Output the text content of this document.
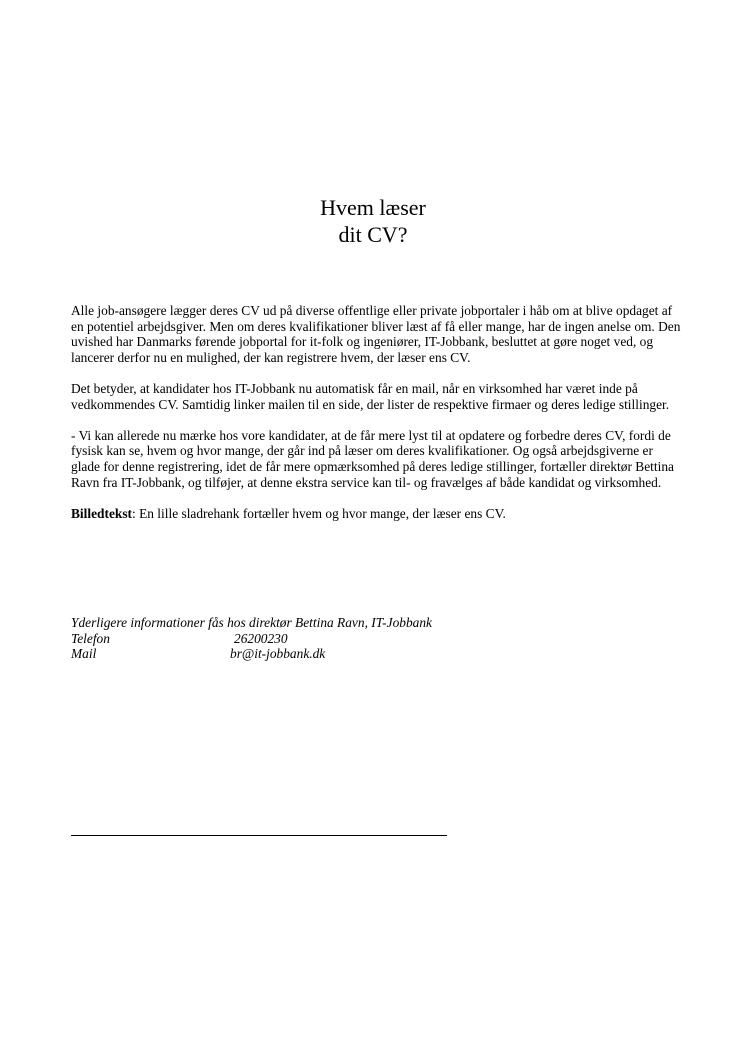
Hvem læser
dit CV?

Alle job-ansøgere lægger deres CV ud på diverse offentlige eller private jobportaler i håb om at blive opdaget af en potentiel arbejdsgiver. Men om deres kvalifikationer bliver læst af få eller mange, har de ingen anelse om. Den uvished har Danmarks førende jobportal for it-folk og ingeniører, IT-Jobbank, besluttet at gøre noget ved, og lancerer derfor nu en mulighed, der kan registrere hvem, der læser ens CV.

Det betyder, at kandidater hos IT-Jobbank nu automatisk får en mail, når en virksomhed har været inde på vedkommendes CV. Samtidig linker mailen til en side, der lister de respektive firmaer og deres ledige stillinger.

- Vi kan allerede nu mærke hos vore kandidater, at de får mere lyst til at opdatere og forbedre deres CV, fordi de fysisk kan se, hvem og hvor mange, der går ind på læser om deres kvalifikationer. Og også arbejdsgiverne er glade for denne registrering, idet de får mere opmærksomhed på deres ledige stillinger, fortæller direktør Bettina Ravn fra IT-Jobbank, og tilføjer, at denne ekstra service kan til- og fravælges af både kandidat og virksomhed.

Billedtekst: En lille sladrehank fortæller hvem og hvor mange, der læser ens CV.

Yderligere informationer fås hos direktør Bettina Ravn, IT-Jobbank
Telefon	26200230
Mail	br@it-jobbank.dk
